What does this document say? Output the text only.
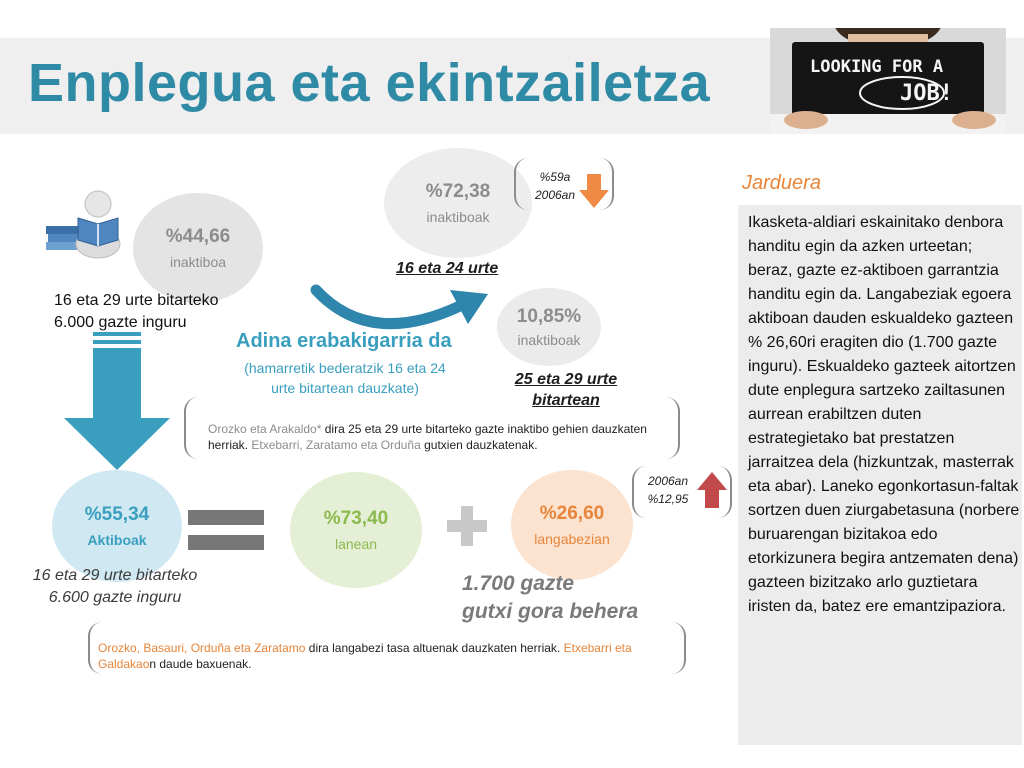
Enplegua eta ekintzailetza	LOOKING FOR A
JOB!
%44,66
inaktiboa
16 eta 29 urte bitarteko
6.000 gazte inguru
%72,38
inaktiboak
16 eta 24 urte
%59a
2006an
10,85%
inaktiboak
25 eta 29 urte
bitartean
Adina erabakigarria da
(hamarretik bederatzik 16 eta 24
urte bitartean dauzkate)
Orozko eta Arakaldo* dira 25 eta 29 urte bitarteko gazte inaktibo gehien dauzkaten herriak. Etxebarri, Zaratamo eta Orduña gutxien dauzkatenak.
%55,34
Aktiboak
16 eta 29 urte bitarteko
6.600 gazte inguru
%73,40
lanean
%26,60
langabezian
2006an
%12,95
1.700 gazte
gutxi gora behera
Orozko, Basauri, Orduña eta Zaratamo dira langabezi tasa altuenak dauzkaten herriak. Etxebarri eta Galdakaon daude baxuenak.
Jarduera
Ikasketa-aldiari eskainitako denbora handitu egin da azken urteetan; beraz, gazte ez-aktiboen garrantzia handitu egin da. Langabeziak egoera aktiboan dauden eskualdeko gazteen % 26,60ri eragiten dio (1.700 gazte inguru). Eskualdeko gazteek aitortzen dute enplegura sartzeko zailtasunen aurrean erabiltzen duten estrategietako bat prestatzen jarraitzea dela (hizkuntzak, masterrak eta abar). Laneko egonkortasun-faltak sortzen duen ziurgabetasuna (norbere buruarengan bizitakoa edo etorkizunera begira antzematen dena) gazteen bizitzako arlo guztietara iristen da, batez ere emantzipaziora.
